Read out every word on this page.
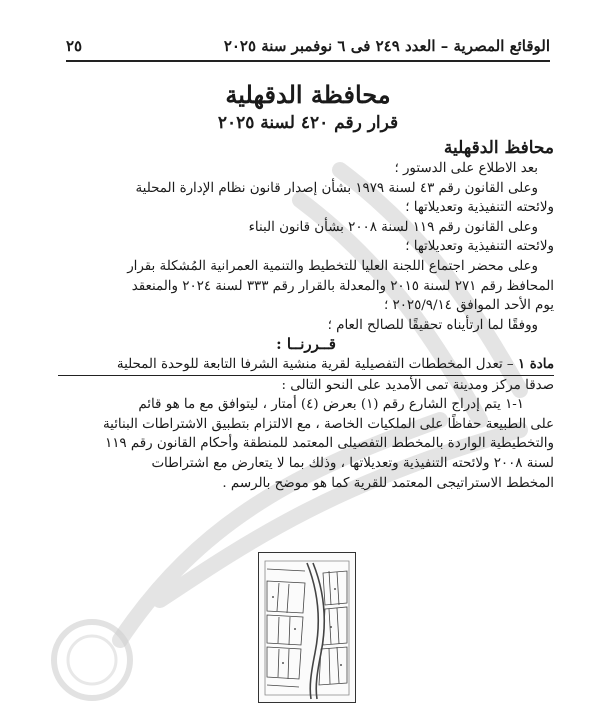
الوقائع المصرية – العدد ٢٤٩ فى ٦ نوفمبر سنة ٢٠٢٥
٢٥
محافظة الدقهلية
قرار رقم ٤٢٠ لسنة ٢٠٢٥
محافظ الدقهلية

بعد الاطلاع على الدستور ؛

وعلى القانون رقم ٤٣ لسنة ١٩٧٩ بشأن إصدار قانون نظام الإدارة المحلية

ولائحته التنفيذية وتعديلاتها ؛

وعلى القانون رقم ١١٩ لسنة ٢٠٠٨ بشأن قانون البناء

ولائحته التنفيذية وتعديلاتها ؛

وعلى محضر اجتماع اللجنة العليا للتخطيط والتنمية العمرانية المُشكلة بقرار

المحافظ رقم ٢٧١ لسنة ٢٠١٥ والمعدلة بالقرار رقم ٣٣٣ لسنة ٢٠٢٤ والمنعقد

يوم الأحد الموافق ٢٠٢٥/٩/١٤ ؛

ووفقًا لما ارتأيناه تحقيقًا للصالح العام ؛

قــررنــا :

مادة ١ – تعدل المخططات التفصيلية لقرية منشية الشرفا التابعة للوحدة المحلية

صدقا مركز ومدينة تمى الأمديد على النحو التالى :

١-١ يتم إدراج الشارع رقم (١) بعرض (٤) أمتار ، ليتوافق مع ما هو قائم

على الطبيعة حفاظًا على الملكيات الخاصة ، مع الالتزام بتطبيق الاشتراطات البنائية

والتخطيطية الواردة بالمخطط التفصيلى المعتمد للمنطقة وأحكام القانون رقم ١١٩

لسنة ٢٠٠٨ ولائحته التنفيذية وتعديلاتها ، وذلك بما لا يتعارض مع اشتراطات

المخطط الاستراتيجى المعتمد للقرية كما هو موضح بالرسم .
